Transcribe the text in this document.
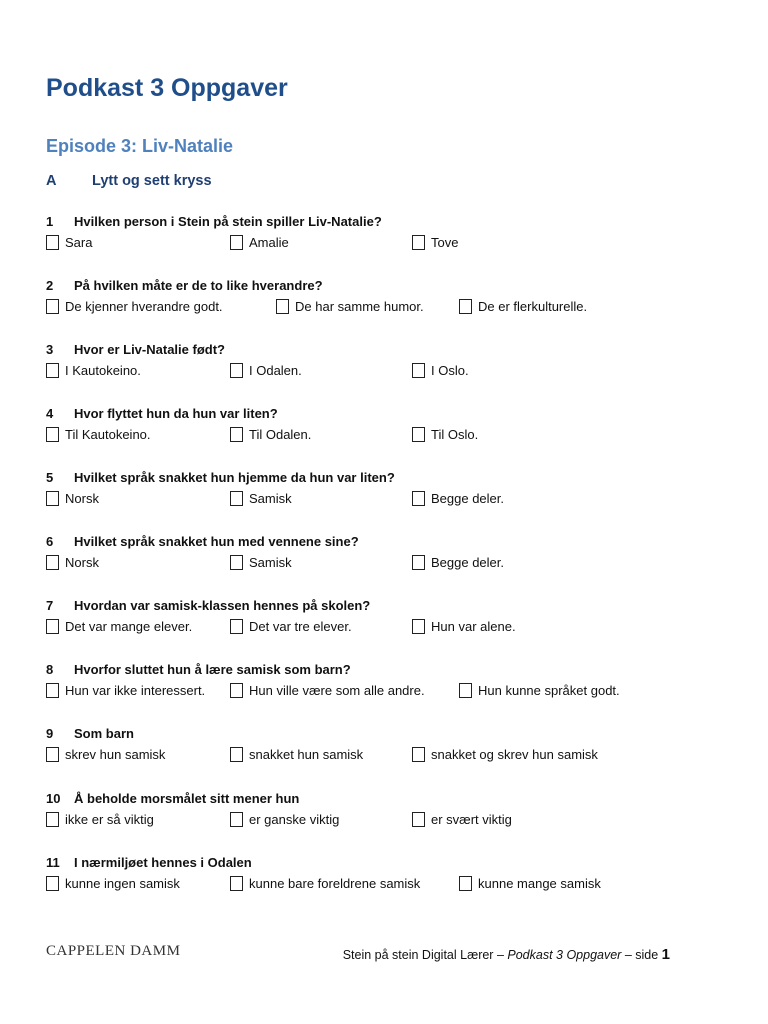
Podkast 3 Oppgaver
Episode 3: Liv-Natalie
A Lytt og sett kryss
1 Hvilken person i Stein på stein spiller Liv-Natalie?
Sara	Amalie	Tove
2 På hvilken måte er de to like hverandre?
De kjenner hverandre godt.	De har samme humor.	De er flerkulturelle.
3 Hvor er Liv-Natalie født?
I Kautokeino.	I Odalen.	I Oslo.
4 Hvor flyttet hun da hun var liten?
Til Kautokeino.	Til Odalen.	Til Oslo.
5 Hvilket språk snakket hun hjemme da hun var liten?
Norsk	Samisk	Begge deler.
6 Hvilket språk snakket hun med vennene sine?
Norsk	Samisk	Begge deler.
7 Hvordan var samisk-klassen hennes på skolen?
Det var mange elever.	Det var tre elever.	Hun var alene.
8 Hvorfor sluttet hun å lære samisk som barn?
Hun var ikke interessert.	Hun ville være som alle andre.	Hun kunne språket godt.
9 Som barn
skrev hun samisk	snakket hun samisk	snakket og skrev hun samisk
10 Å beholde morsmålet sitt mener hun
ikke er så viktig	er ganske viktig	er svært viktig
11 I nærmiljøet hennes i Odalen
kunne ingen samisk	kunne bare foreldrene samisk	kunne mange samisk
CAPPELEN DAMM	Stein på stein Digital Lærer – Podkast 3 Oppgaver – side 1
